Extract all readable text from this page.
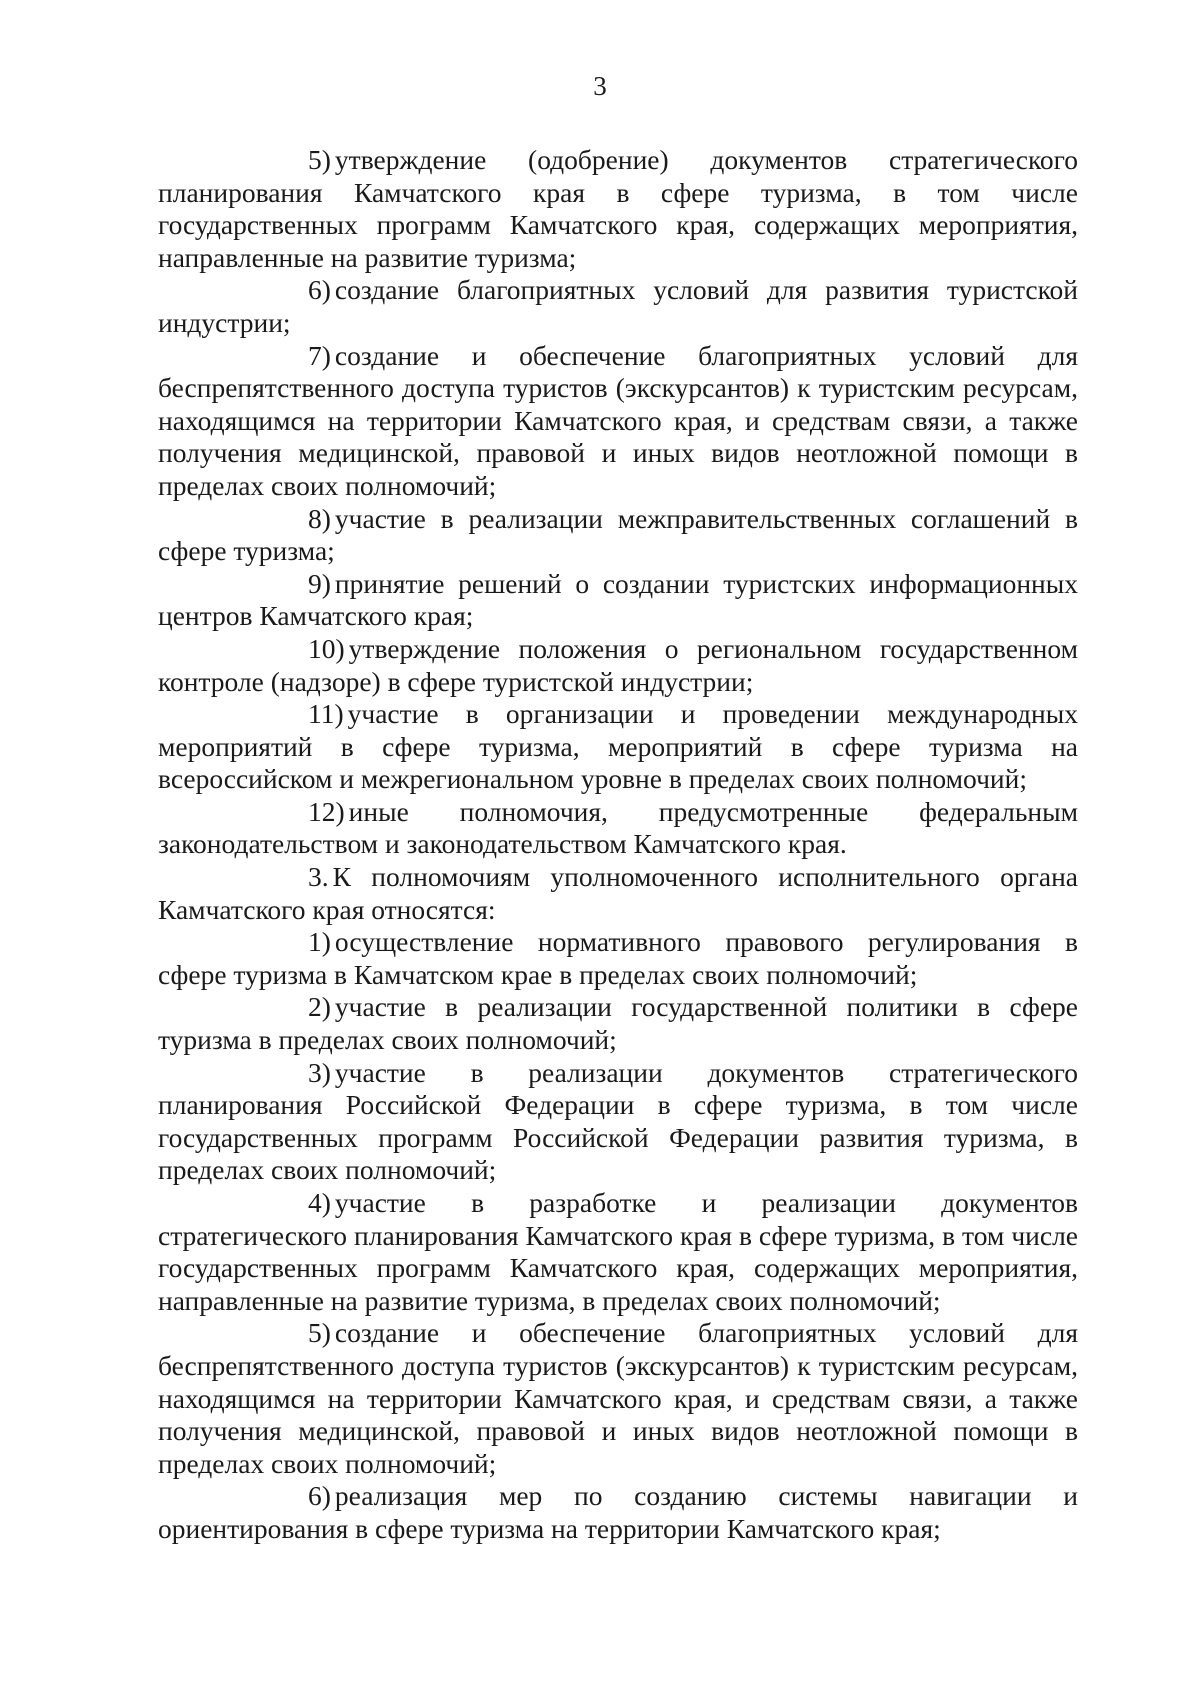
3

5) утверждение (одобрение) документов стратегического планирования Камчатского края в сфере туризма, в том числе государственных программ Камчатского края, содержащих мероприятия, направленные на развитие туризма;

6) создание благоприятных условий для развития туристской индустрии;

7) создание и обеспечение благоприятных условий для беспрепятственного доступа туристов (экскурсантов) к туристским ресурсам, находящимся на территории Камчатского края, и средствам связи, а также получения медицинской, правовой и иных видов неотложной помощи в пределах своих полномочий;

8) участие в реализации межправительственных соглашений в сфере туризма;

9) принятие решений о создании туристских информационных центров Камчатского края;

10) утверждение положения о региональном государственном контроле (надзоре) в сфере туристской индустрии;

11) участие в организации и проведении международных мероприятий в сфере туризма, мероприятий в сфере туризма на всероссийском и межрегиональном уровне в пределах своих полномочий;

12) иные полномочия, предусмотренные федеральным законодательством и законодательством Камчатского края.

3. К полномочиям уполномоченного исполнительного органа Камчатского края относятся:

1) осуществление нормативного правового регулирования в сфере туризма в Камчатском крае в пределах своих полномочий;

2) участие в реализации государственной политики в сфере туризма в пределах своих полномочий;

3) участие в реализации документов стратегического планирования Российской Федерации в сфере туризма, в том числе государственных программ Российской Федерации развития туризма, в пределах своих полномочий;

4) участие в разработке и реализации документов стратегического планирования Камчатского края в сфере туризма, в том числе государственных программ Камчатского края, содержащих мероприятия, направленные на развитие туризма, в пределах своих полномочий;

5) создание и обеспечение благоприятных условий для беспрепятственного доступа туристов (экскурсантов) к туристским ресурсам, находящимся на территории Камчатского края, и средствам связи, а также получения медицинской, правовой и иных видов неотложной помощи в пределах своих полномочий;

6) реализация мер по созданию системы навигации и ориентирования в сфере туризма на территории Камчатского края;
